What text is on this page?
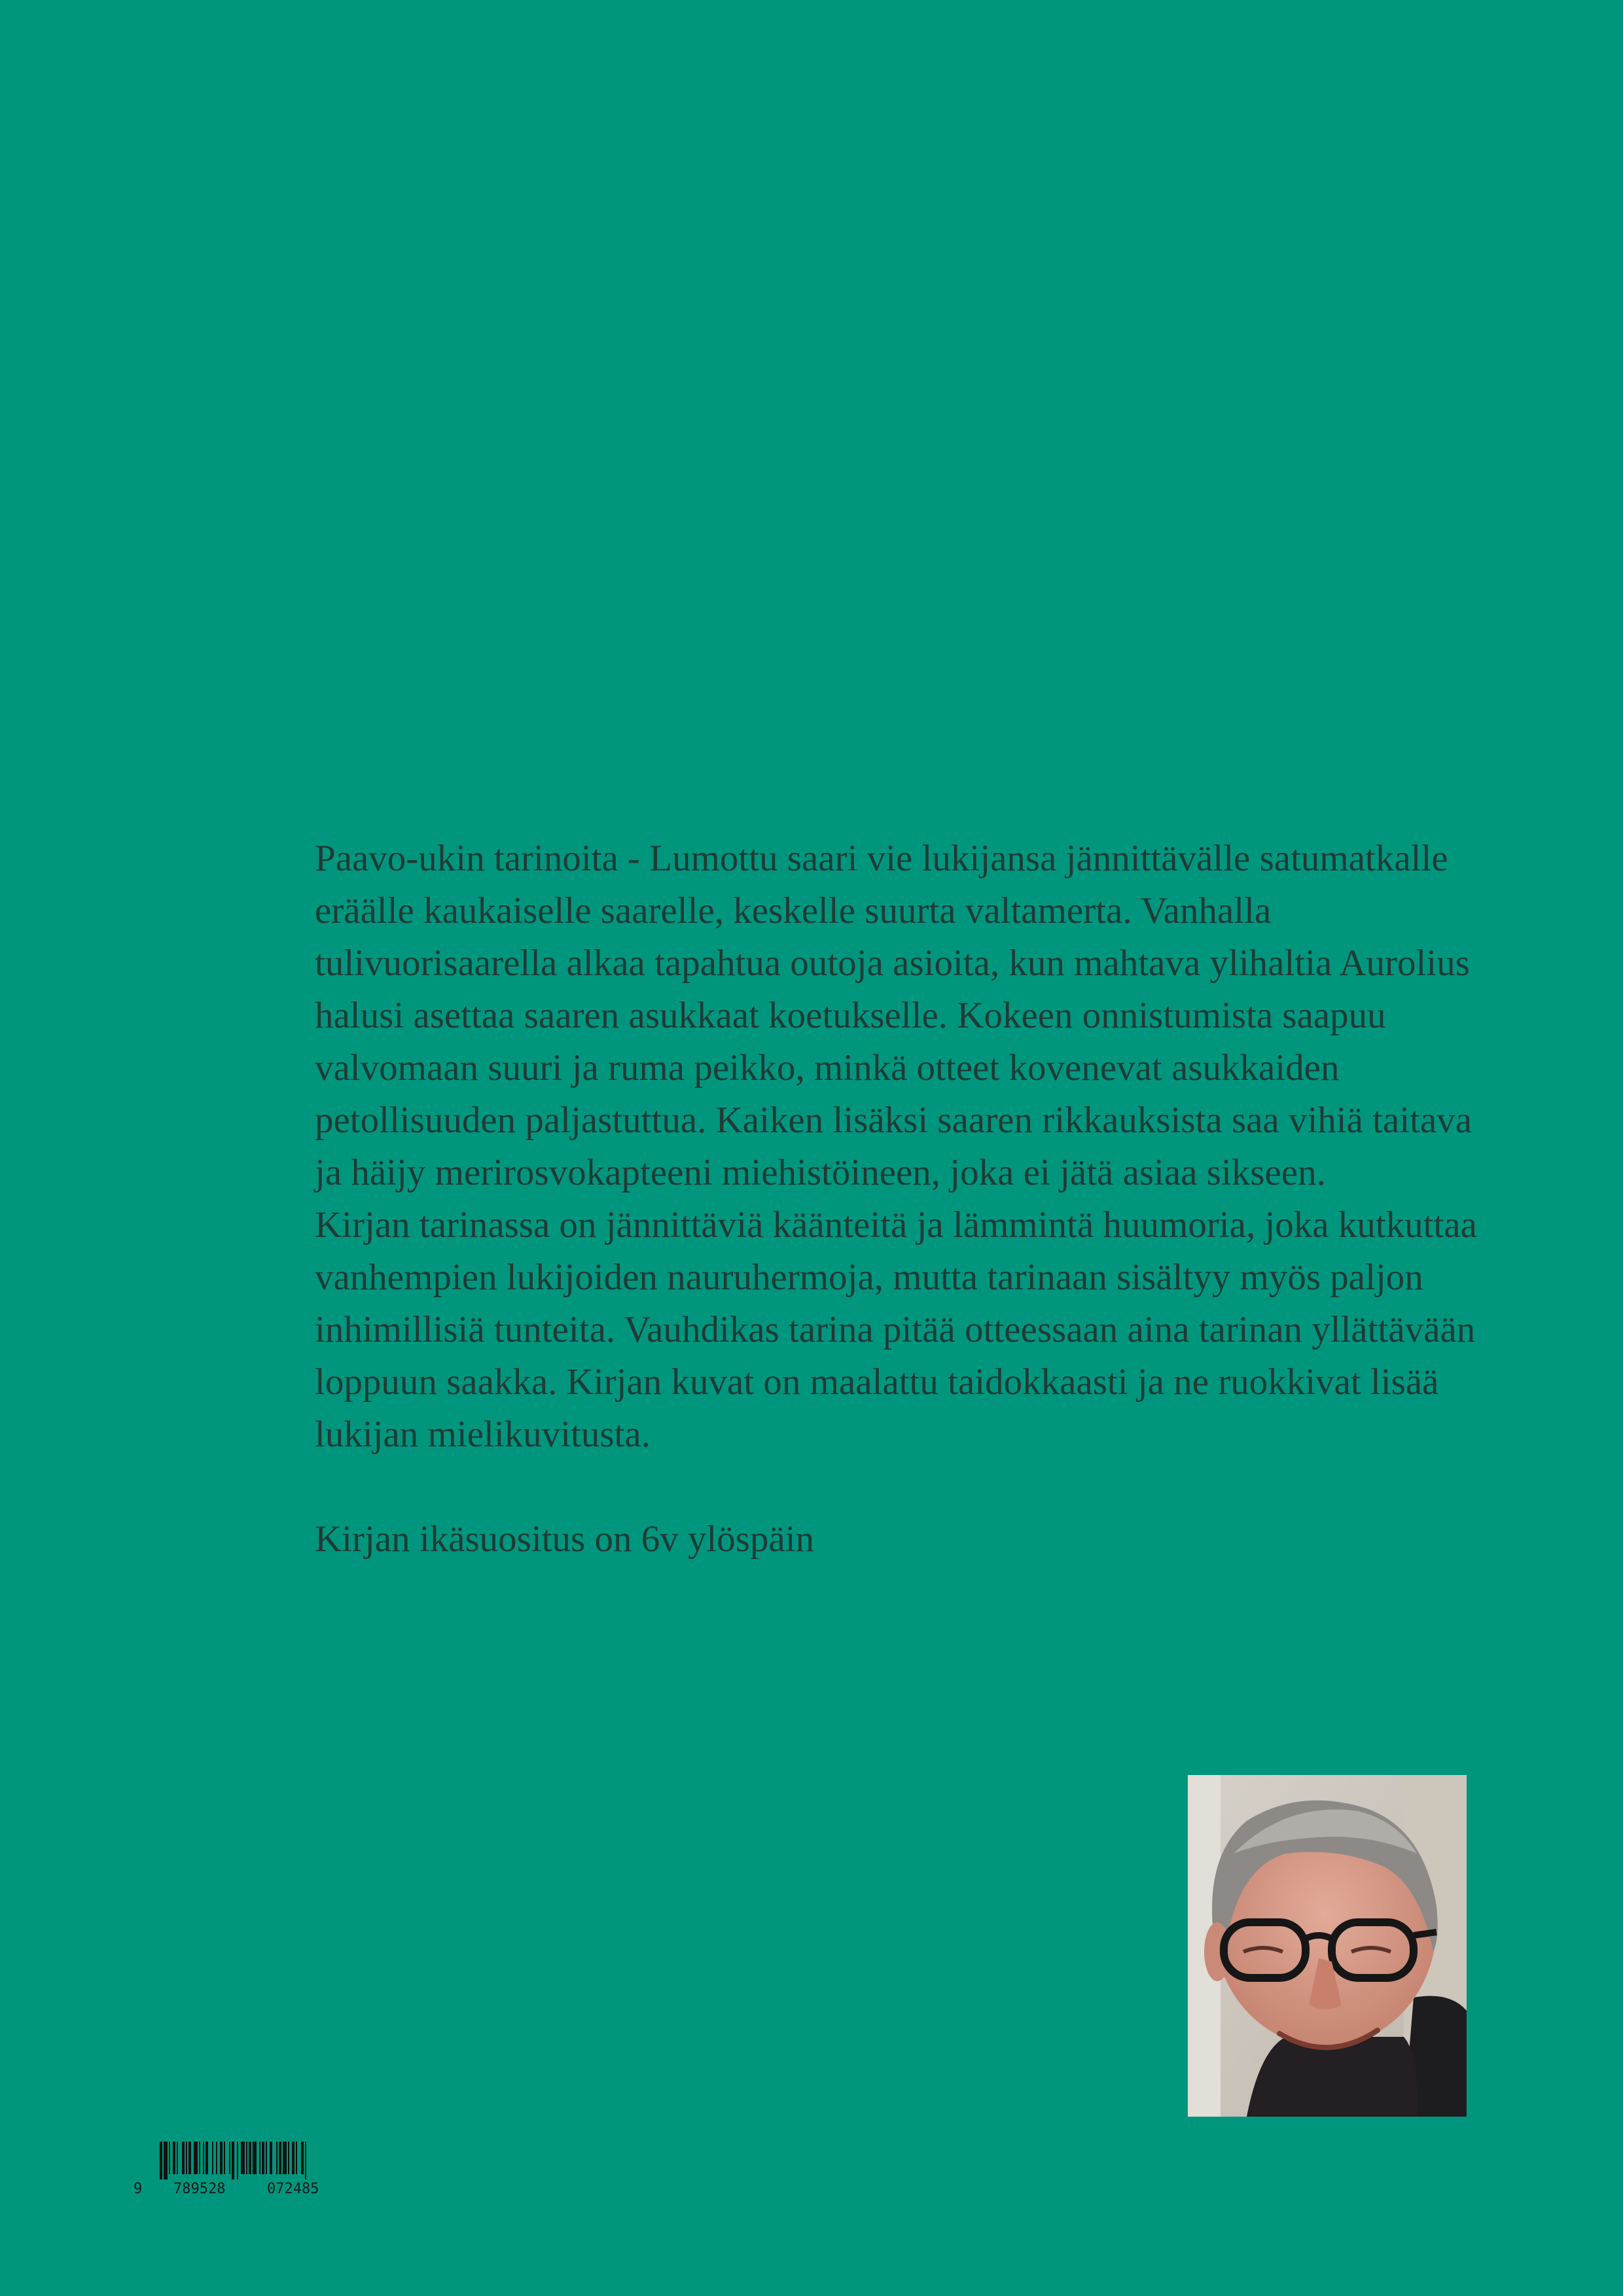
Paavo-ukin tarinoita - Lumottu saari vie lukijansa jännittävälle satumatkalle eräälle kaukaiselle saarelle, keskelle suurta valtamerta. Vanhalla tulivuorisaarella alkaa tapahtua outoja asioita, kun mahtava ylihaltia Aurolius halusi asettaa saaren asukkaat koetukselle. Kokeen onnistumista saapuu valvomaan suuri ja ruma peikko, minkä otteet kovenevat asukkaiden petollisuuden paljastuttua. Kaiken lisäksi saaren rikkauksista saa vihiä taitava ja häijy merirosvokapteeni miehistöineen, joka ei jätä asiaa sikseen.

Kirjan tarinassa on jännittäviä käänteitä ja lämmintä huumoria, joka kutkuttaa vanhempien lukijoiden nauruhermoja, mutta tarinaan sisältyy myös paljon inhimillisiä tunteita. Vauhdikas tarina pitää otteessaan aina tarinan yllättävään loppuun saakka. Kirjan kuvat on maalattu taidokkaasti ja ne ruokkivat lisää lukijan mielikuvitusta.

Kirjan ikäsuositus on 6v ylöspäin

9 789528	072485
